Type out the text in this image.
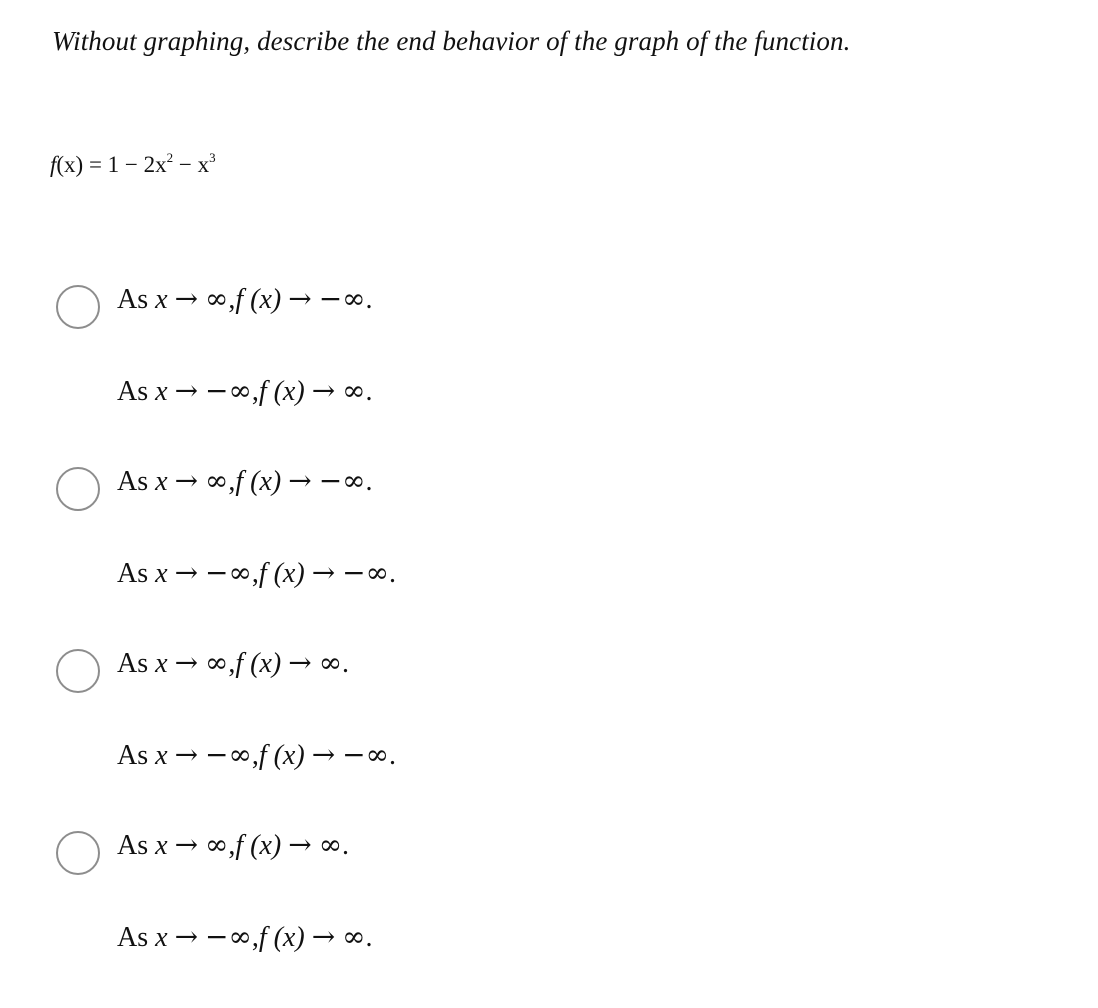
Without graphing, describe the end behavior of the graph of the function.
$f(x) = 1 - 2x^2 - x^3$
As x → ∞,f (x) → −∞.
As x → −∞,f (x) → ∞.
As x → ∞,f (x) → −∞.
As x → −∞,f (x) → −∞.
As x → ∞,f (x) → ∞.
As x → −∞,f (x) → −∞.
As x → ∞,f (x) → ∞.
As x → −∞,f (x) → ∞.
